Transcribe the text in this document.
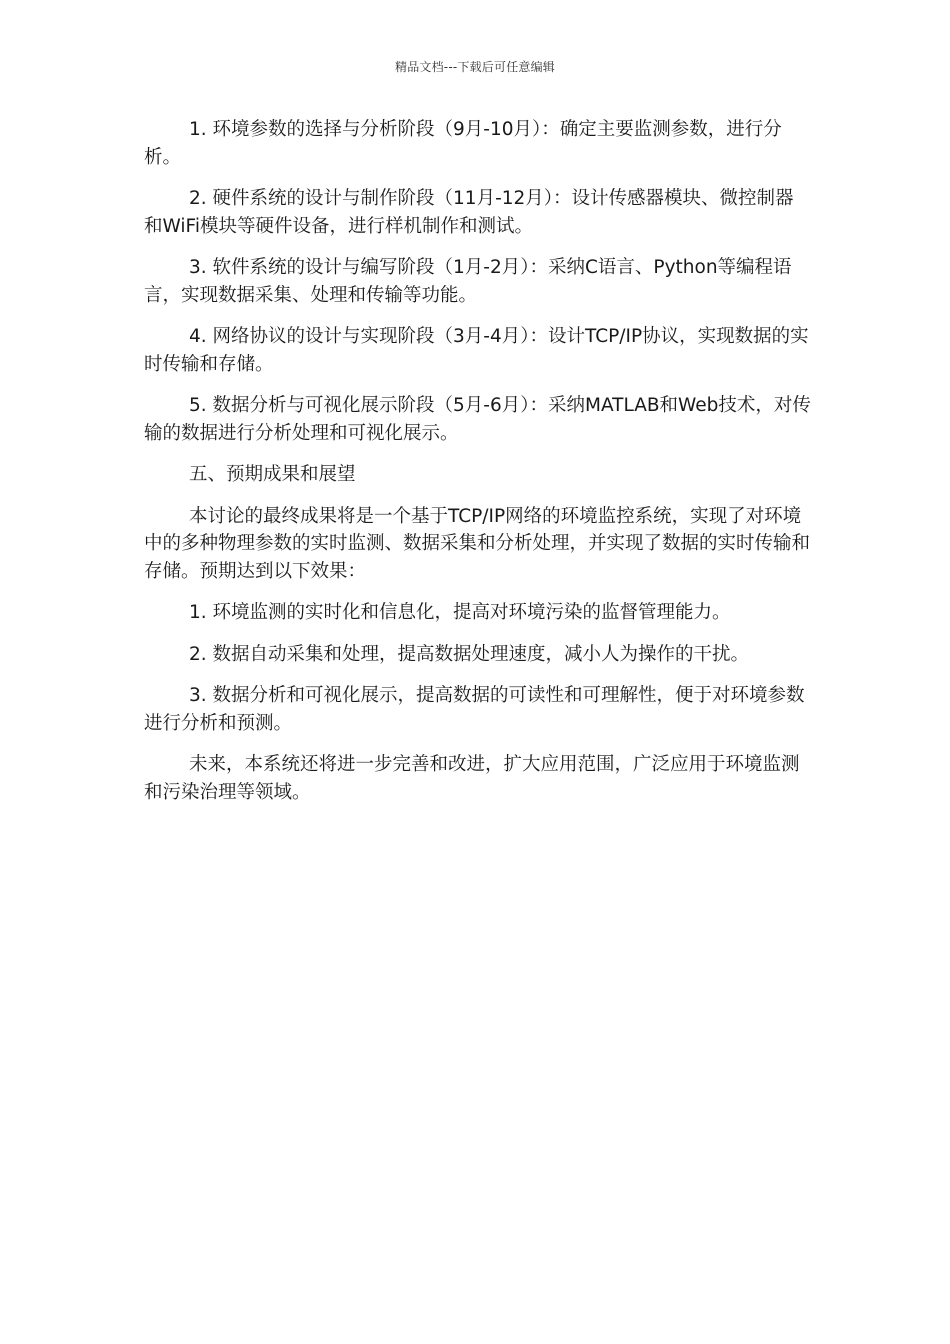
精品文档---下载后可任意编辑

1. 环境参数的选择与分析阶段（9月-10月）：确定主要监测参数，进行分析。

2. 硬件系统的设计与制作阶段（11月-12月）：设计传感器模块、微控制器和WiFi模块等硬件设备，进行样机制作和测试。

3. 软件系统的设计与编写阶段（1月-2月）：采纳C语言、Python等编程语言，实现数据采集、处理和传输等功能。

4. 网络协议的设计与实现阶段（3月-4月）：设计TCP/IP协议，实现数据的实时传输和存储。

5. 数据分析与可视化展示阶段（5月-6月）：采纳MATLAB和Web技术，对传输的数据进行分析处理和可视化展示。

五、预期成果和展望

本讨论的最终成果将是一个基于TCP/IP网络的环境监控系统，实现了对环境中的多种物理参数的实时监测、数据采集和分析处理，并实现了数据的实时传输和存储。预期达到以下效果：

1. 环境监测的实时化和信息化，提高对环境污染的监督管理能力。

2. 数据自动采集和处理，提高数据处理速度，减小人为操作的干扰。

3. 数据分析和可视化展示，提高数据的可读性和可理解性，便于对环境参数进行分析和预测。

未来，本系统还将进一步完善和改进，扩大应用范围，广泛应用于环境监测和污染治理等领域。
